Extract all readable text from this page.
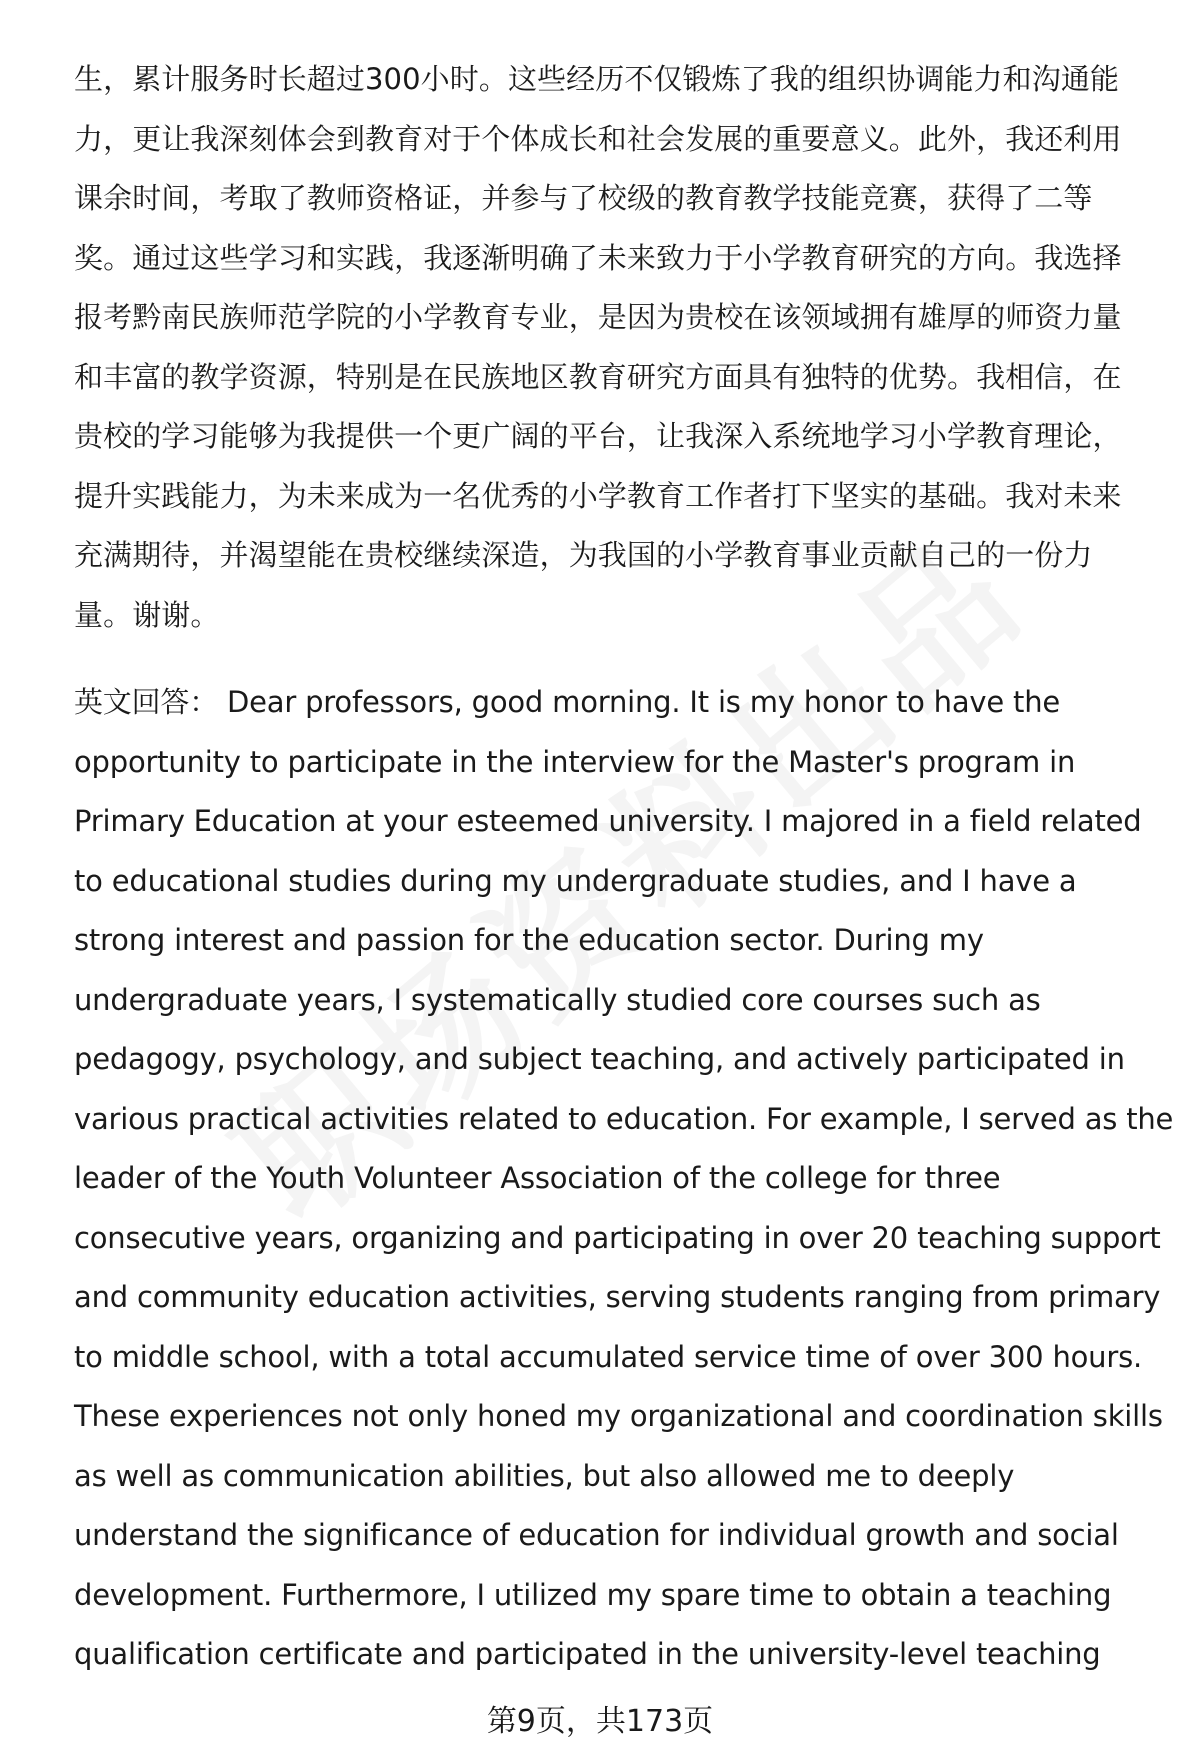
生，累计服务时长超过300小时。这些经历不仅锻炼了我的组织协调能力和沟通能
力，更让我深刻体会到教育对于个体成长和社会发展的重要意义。此外，我还利用
课余时间，考取了教师资格证，并参与了校级的教育教学技能竞赛，获得了二等
奖。通过这些学习和实践，我逐渐明确了未来致力于小学教育研究的方向。我选择
报考黔南民族师范学院的小学教育专业，是因为贵校在该领域拥有雄厚的师资力量
和丰富的教学资源，特别是在民族地区教育研究方面具有独特的优势。我相信，在
贵校的学习能够为我提供一个更广阔的平台，让我深入系统地学习小学教育理论，
提升实践能力，为未来成为一名优秀的小学教育工作者打下坚实的基础。我对未来
充满期待，并渴望能在贵校继续深造，为我国的小学教育事业贡献自己的一份力
量。谢谢。
英文回答： Dear professors, good morning. It is my honor to have the
opportunity to participate in the interview for the Master's program in
Primary Education at your esteemed university. I majored in a field related
to educational studies during my undergraduate studies, and I have a
strong interest and passion for the education sector. During my
undergraduate years, I systematically studied core courses such as
pedagogy, psychology, and subject teaching, and actively participated in
various practical activities related to education. For example, I served as the
leader of the Youth Volunteer Association of the college for three
consecutive years, organizing and participating in over 20 teaching support
and community education activities, serving students ranging from primary
to middle school, with a total accumulated service time of over 300 hours.
These experiences not only honed my organizational and coordination skills
as well as communication abilities, but also allowed me to deeply
understand the significance of education for individual growth and social
development. Furthermore, I utilized my spare time to obtain a teaching
qualification certificate and participated in the university-level teaching
第9页，共173页
